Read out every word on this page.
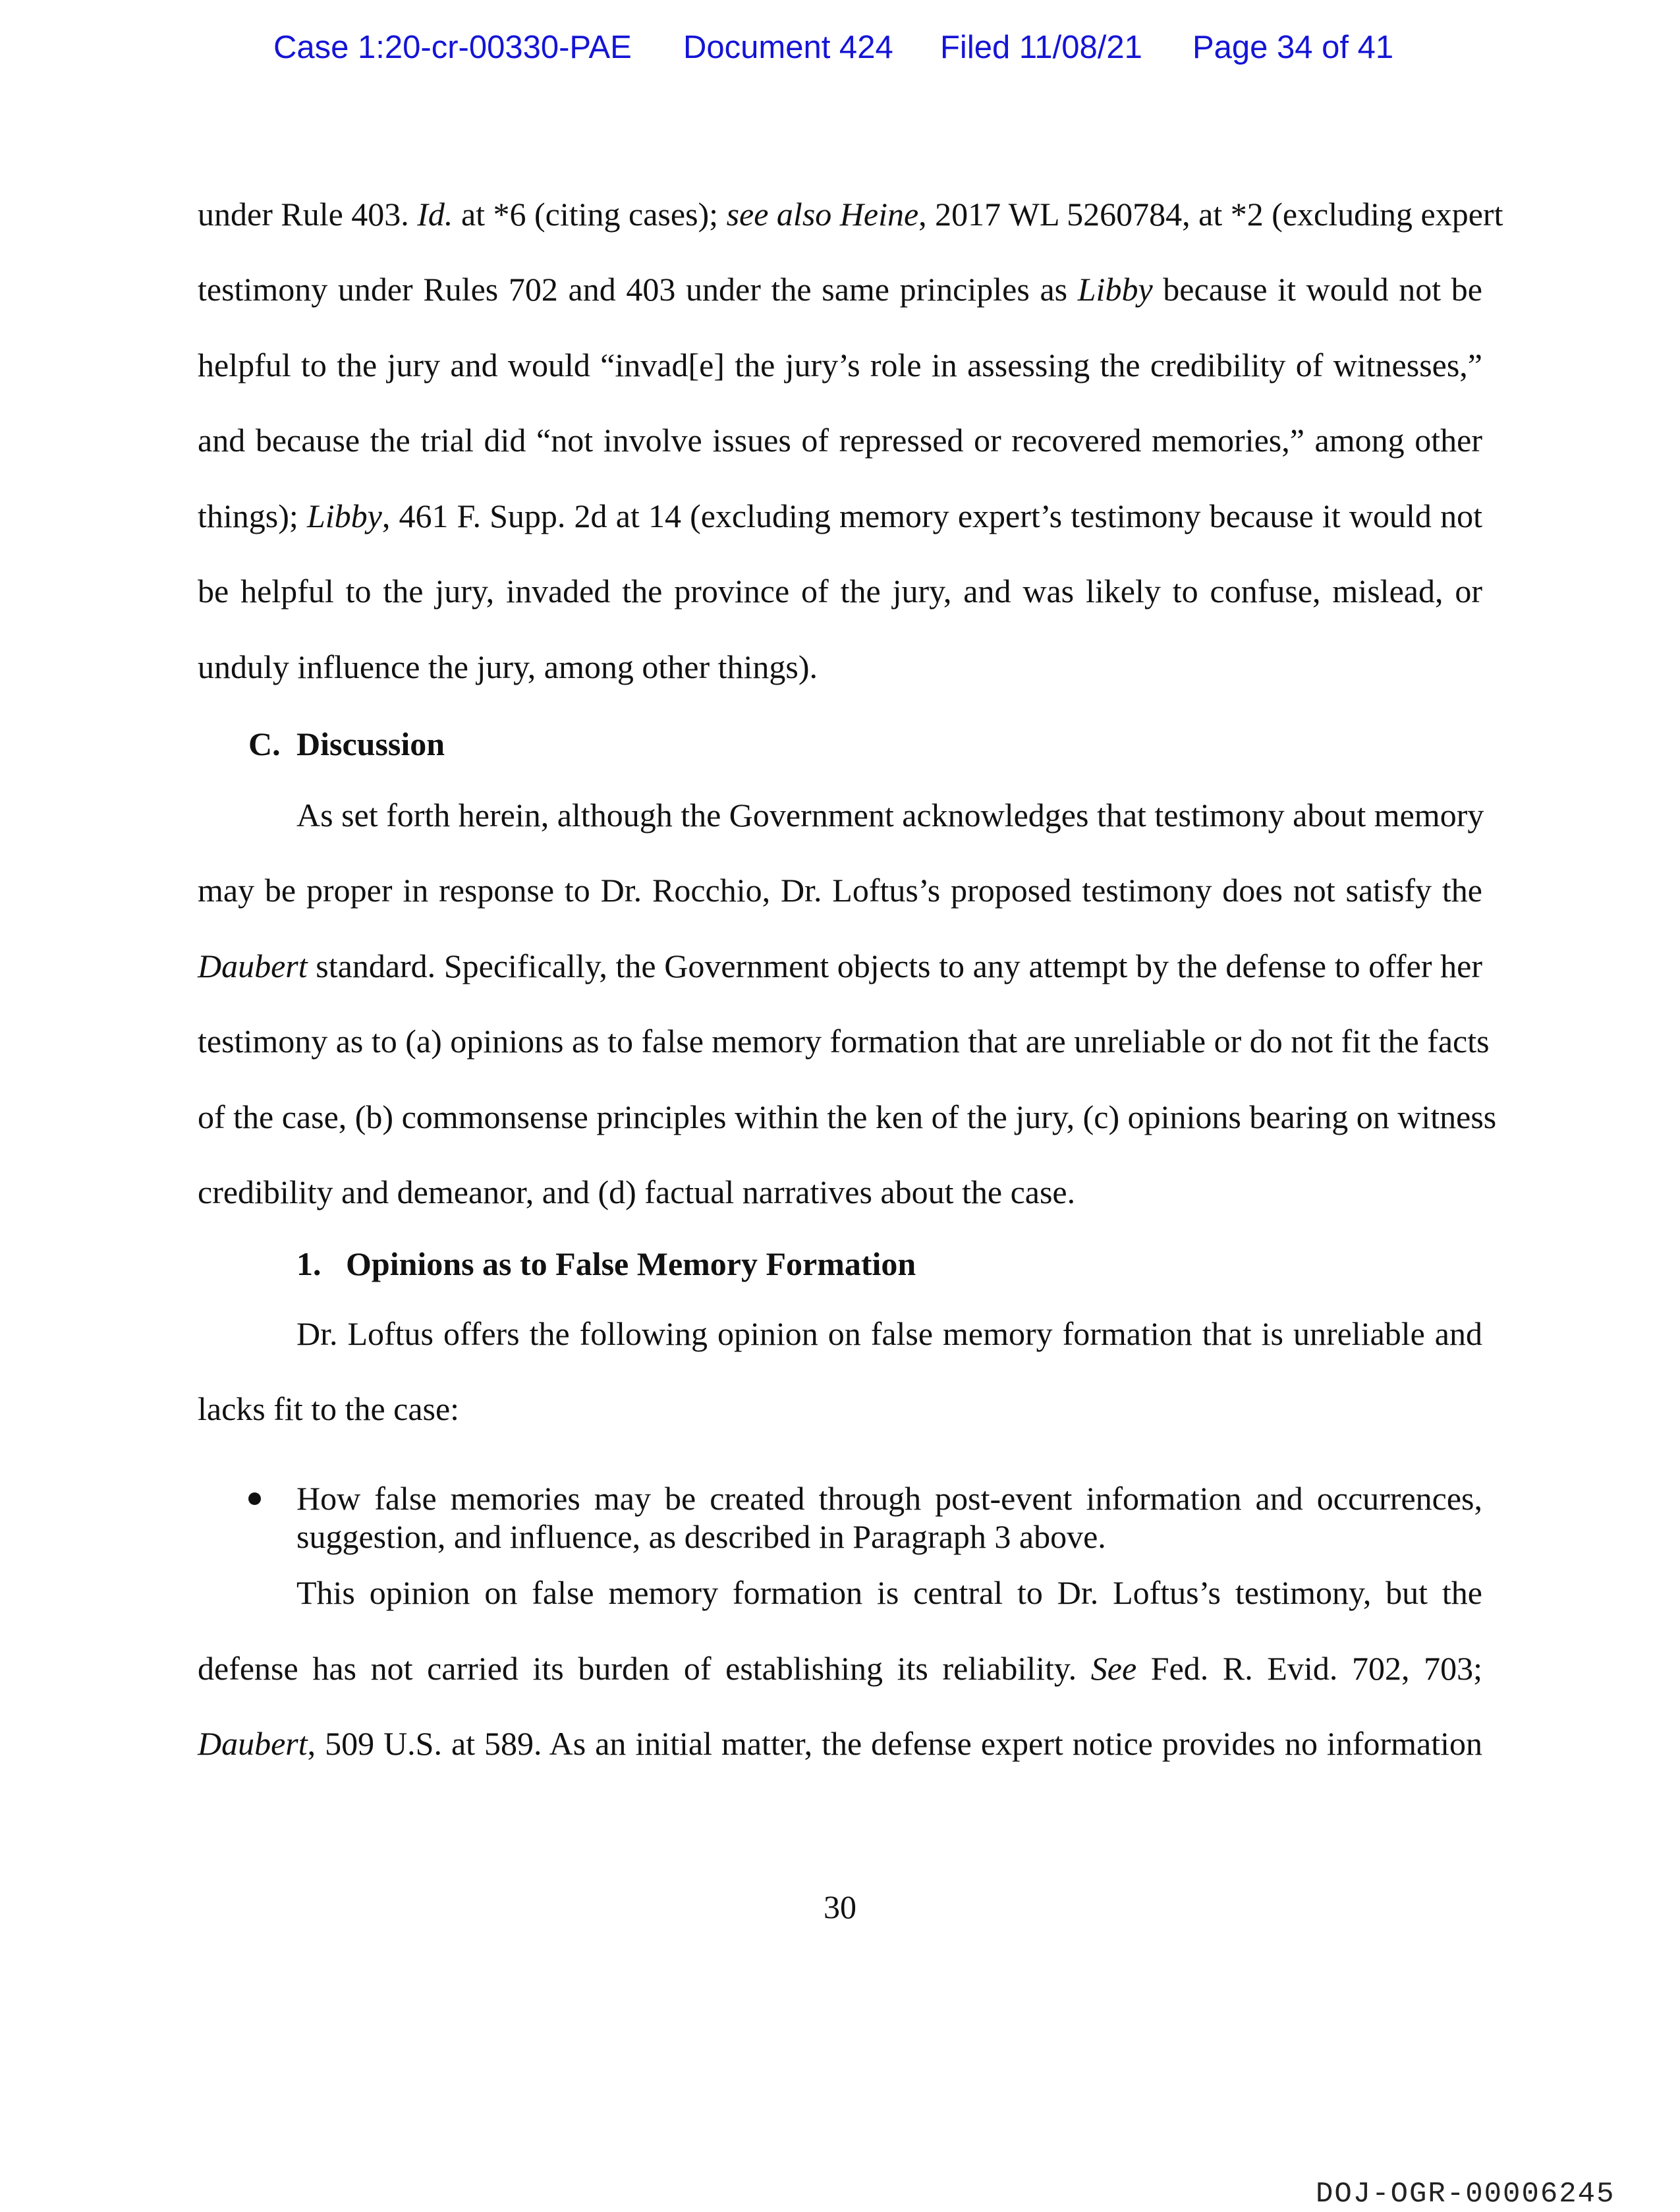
Case 1:20-cr-00330-PAE Document 424 Filed 11/08/21 Page 34 of 41
under Rule 403. Id. at *6 (citing cases); see also Heine, 2017 WL 5260784, at *2 (excluding expert
testimony under Rules 702 and 403 under the same principles as Libby because it would not be
helpful to the jury and would “invad[e] the jury’s role in assessing the credibility of witnesses,”
and because the trial did “not involve issues of repressed or recovered memories,” among other
things); Libby, 461 F. Supp. 2d at 14 (excluding memory expert’s testimony because it would not
be helpful to the jury, invaded the province of the jury, and was likely to confuse, mislead, or
unduly influence the jury, among other things).
C. Discussion
As set forth herein, although the Government acknowledges that testimony about memory
may be proper in response to Dr. Rocchio, Dr. Loftus’s proposed testimony does not satisfy the
Daubert standard. Specifically, the Government objects to any attempt by the defense to offer her
testimony as to (a) opinions as to false memory formation that are unreliable or do not fit the facts
of the case, (b) commonsense principles within the ken of the jury, (c) opinions bearing on witness
credibility and demeanor, and (d) factual narratives about the case.
1. Opinions as to False Memory Formation
Dr. Loftus offers the following opinion on false memory formation that is unreliable and
lacks fit to the case:
How false memories may be created through post-event information and occurrences,
suggestion, and influence, as described in Paragraph 3 above.
This opinion on false memory formation is central to Dr. Loftus’s testimony, but the
defense has not carried its burden of establishing its reliability. See Fed. R. Evid. 702, 703;
Daubert, 509 U.S. at 589. As an initial matter, the defense expert notice provides no information
30
DOJ-OGR-00006245
